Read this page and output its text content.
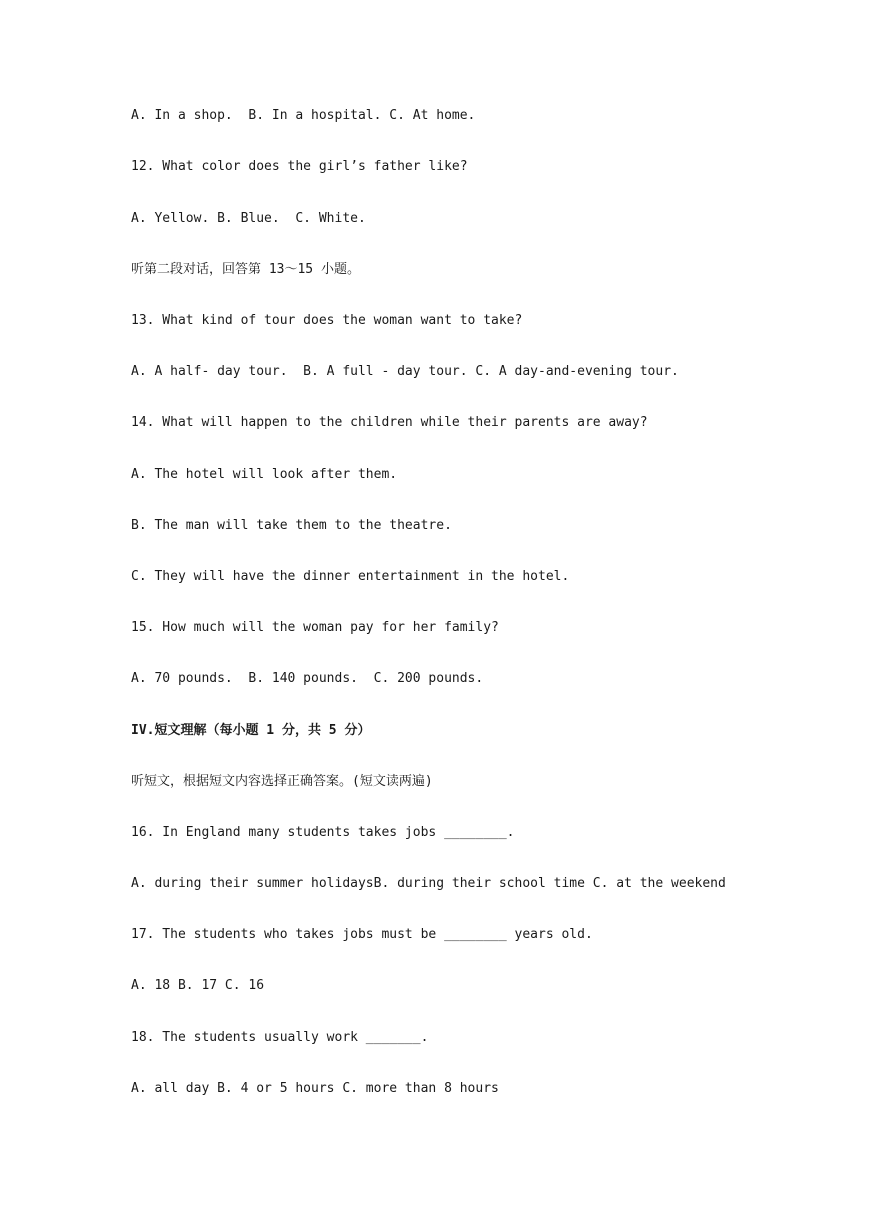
A. In a shop.  B. In a hospital. C. At home.
12. What color does the girl’s father like?
A. Yellow. B. Blue.  C. White.
听第二段对话，回答第 13～15 小题。
13. What kind of tour does the woman want to take?
A. A half- day tour.  B. A full - day tour. C. A day-and-evening tour.
14. What will happen to the children while their parents are away?
A. The hotel will look after them.
B. The man will take them to the theatre.
C. They will have the dinner entertainment in the hotel.
15. How much will the woman pay for her family?
A. 70 pounds.  B. 140 pounds.  C. 200 pounds.
IV.短文理解（每小题 1 分，共 5 分）
听短文，根据短文内容选择正确答案。(短文读两遍)
16. In England many students takes jobs ________.
A. during their summer holidaysB. during their school time C. at the weekend
17. The students who takes jobs must be ________ years old.
A. 18 B. 17 C. 16
18. The students usually work _______.
A. all day B. 4 or 5 hours C. more than 8 hours
